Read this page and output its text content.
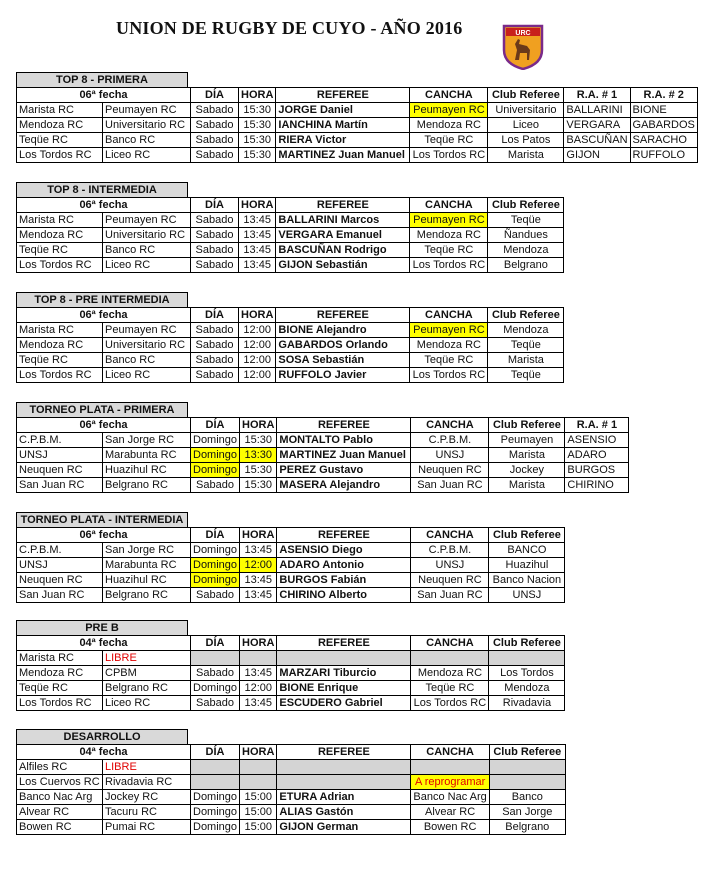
UNION DE RUGBY DE CUYO - AÑO 2016	URC
TOP 8 - PRIMERA
06ª fecha		DÍA	HORA	REFEREE	CANCHA	Club Referee	R.A. # 1	R.A. # 2
Marista RC	Peumayen RC	Sabado	15:30	JORGE Daniel	Peumayen RC	Universitario	BALLARINI	BIONE
Mendoza RC	Universitario RC	Sabado	15:30	IANCHINA Martín	Mendoza RC	Liceo	VERGARA	GABARDOS
Teqüe RC	Banco RC	Sabado	15:30	RIERA Victor	Teqüe RC	Los Patos	BASCUÑAN	SARACHO
Los Tordos RC	Liceo RC	Sabado	15:30	MARTINEZ Juan Manuel	Los Tordos RC	Marista	GIJON	RUFFOLO
TOP 8 - INTERMEDIA
06ª fecha		DÍA	HORA	REFEREE	CANCHA	Club Referee
Marista RC	Peumayen RC	Sabado	13:45	BALLARINI Marcos	Peumayen RC	Teqüe
Mendoza RC	Universitario RC	Sabado	13:45	VERGARA Emanuel	Mendoza RC	Ñandues
Teqüe RC	Banco RC	Sabado	13:45	BASCUÑAN Rodrigo	Teqüe RC	Mendoza
Los Tordos RC	Liceo RC	Sabado	13:45	GIJON Sebastián	Los Tordos RC	Belgrano
TOP 8 - PRE INTERMEDIA
06ª fecha		DÍA	HORA	REFEREE	CANCHA	Club Referee
Marista RC	Peumayen RC	Sabado	12:00	BIONE Alejandro	Peumayen RC	Mendoza
Mendoza RC	Universitario RC	Sabado	12:00	GABARDOS Orlando	Mendoza RC	Teqüe
Teqüe RC	Banco RC	Sabado	12:00	SOSA Sebastián	Teqüe RC	Marista
Los Tordos RC	Liceo RC	Sabado	12:00	RUFFOLO Javier	Los Tordos RC	Teqüe
TORNEO PLATA - PRIMERA
06ª fecha		DÍA	HORA	REFEREE	CANCHA	Club Referee	R.A. # 1
C.P.B.M.	San Jorge RC	Domingo	15:30	MONTALTO Pablo	C.P.B.M.	Peumayen	ASENSIO
UNSJ	Marabunta RC	Domingo	13:30	MARTINEZ Juan Manuel	UNSJ	Marista	ADARO
Neuquen RC	Huazihul RC	Domingo	15:30	PEREZ Gustavo	Neuquen RC	Jockey	BURGOS
San Juan RC	Belgrano RC	Sabado	15:30	MASERA Alejandro	San Juan RC	Marista	CHIRINO
TORNEO PLATA - INTERMEDIA
06ª fecha		DÍA	HORA	REFEREE	CANCHA	Club Referee
C.P.B.M.	San Jorge RC	Domingo	13:45	ASENSIO Diego	C.P.B.M.	BANCO
UNSJ	Marabunta RC	Domingo	12:00	ADARO Antonio	UNSJ	Huazihul
Neuquen RC	Huazihul RC	Domingo	13:45	BURGOS Fabián	Neuquen RC	Banco Nacion
San Juan RC	Belgrano RC	Sabado	13:45	CHIRINO Alberto	San Juan RC	UNSJ
PRE B
04ª fecha		DÍA	HORA	REFEREE	CANCHA	Club Referee
Marista RC	LIBRE					
Mendoza RC	CPBM	Sabado	13:45	MARZARI Tiburcio	Mendoza RC	Los Tordos
Teqüe RC	Belgrano RC	Domingo	12:00	BIONE Enrique	Teqüe RC	Mendoza
Los Tordos RC	Liceo RC	Sabado	13:45	ESCUDERO Gabriel	Los Tordos RC	Rivadavia
DESARROLLO
04ª fecha		DÍA	HORA	REFEREE	CANCHA	Club Referee
Alfiles RC	LIBRE					
Los Cuervos RC	Rivadavia RC				A reprogramar	
Banco Nac Arg	Jockey RC	Domingo	15:00	ETURA Adrian	Banco Nac Arg	Banco
Alvear RC	Tacuru RC	Domingo	15:00	ALIAS Gastón	Alvear RC	San Jorge
Bowen RC	Pumai RC	Domingo	15:00	GIJON German	Bowen RC	Belgrano
